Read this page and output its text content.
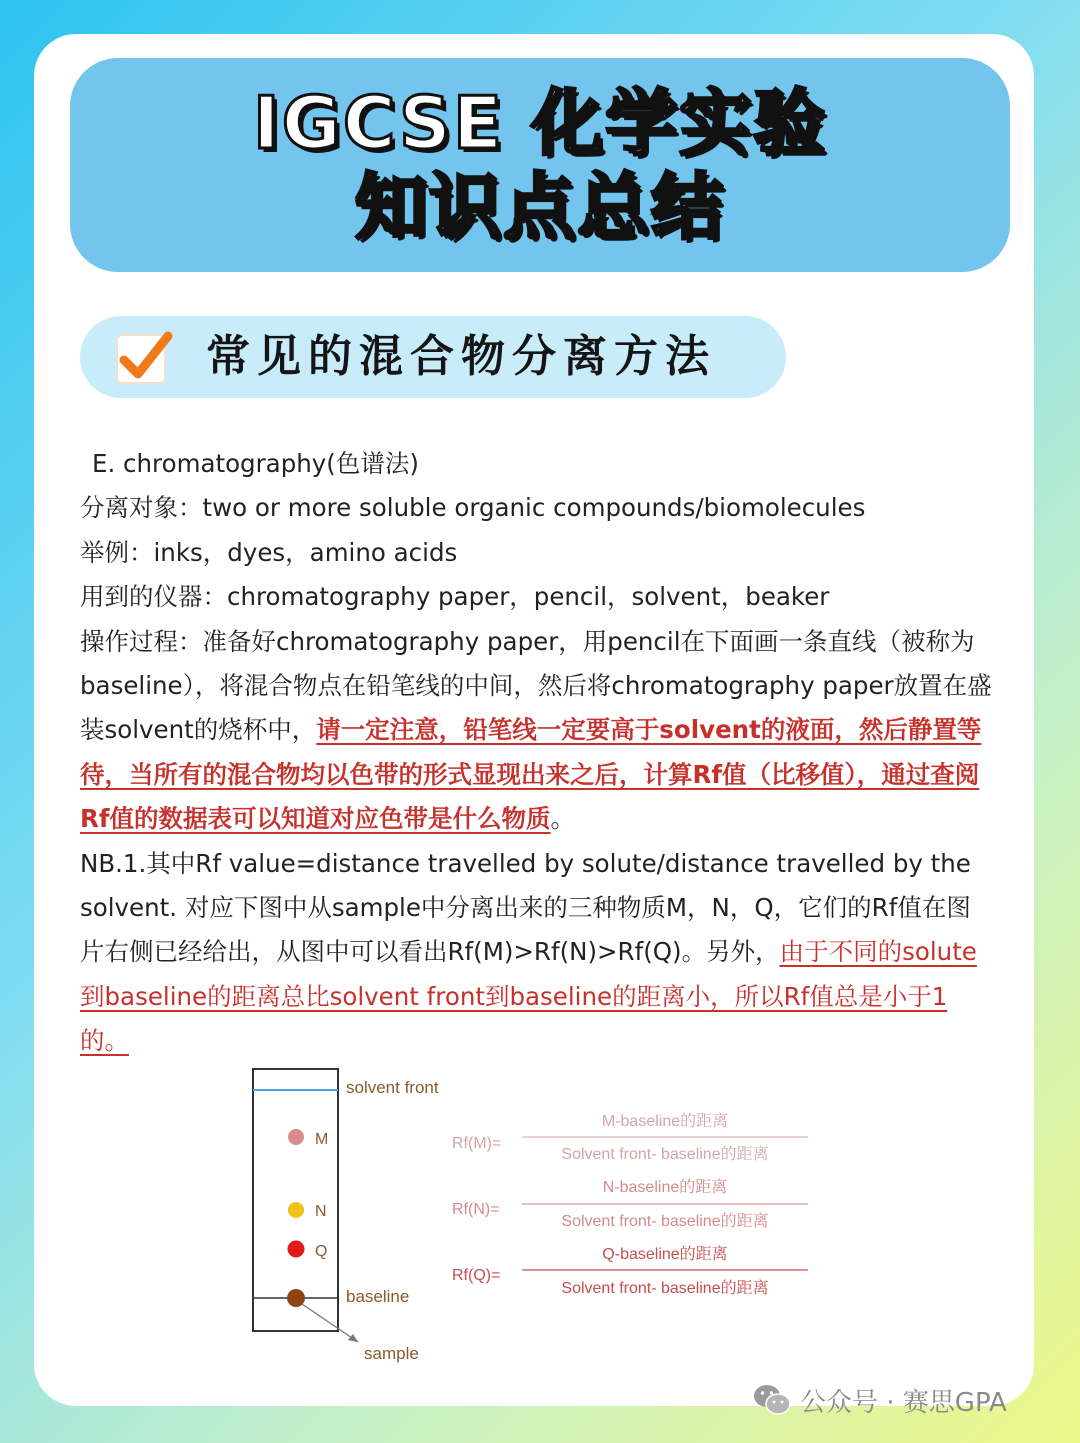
IGCSE 化学实验
知识点总结
常见的混合物分离方法

E. chromatography(色谱法)

分离对象：two or more soluble organic compounds/biomolecules

举例：inks，dyes，amino acids

用到的仪器：chromatography paper，pencil，solvent，beaker

操作过程：准备好chromatography paper，用pencil在下面画一条直线（被称为baseline），将混合物点在铅笔线的中间，然后将chromatography paper放置在盛装solvent的烧杯中，请一定注意，铅笔线一定要高于solvent的液面，然后静置等待，当所有的混合物均以色带的形式显现出来之后，计算Rf值（比移值），通过查阅Rf值的数据表可以知道对应色带是什么物质。

NB.1.其中Rf value=distance travelled by solute/distance travelled by the solvent. 对应下图中从sample中分离出来的三种物质M，N，Q，它们的Rf值在图片右侧已经给出，从图中可以看出Rf(M)>Rf(N)>Rf(Q)。另外，由于不同的solute到baseline的距离总比solvent front到baseline的距离小，所以Rf值总是小于1的。

solvent front
M
N
Q
baseline
sample
Rf(M)=
M-baseline的距离
Solvent front- baseline的距离
Rf(N)=
N-baseline的距离
Solvent front- baseline的距离
Rf(Q)=
Q-baseline的距离
Solvent front- baseline的距离
公众号 · 赛思GPA
